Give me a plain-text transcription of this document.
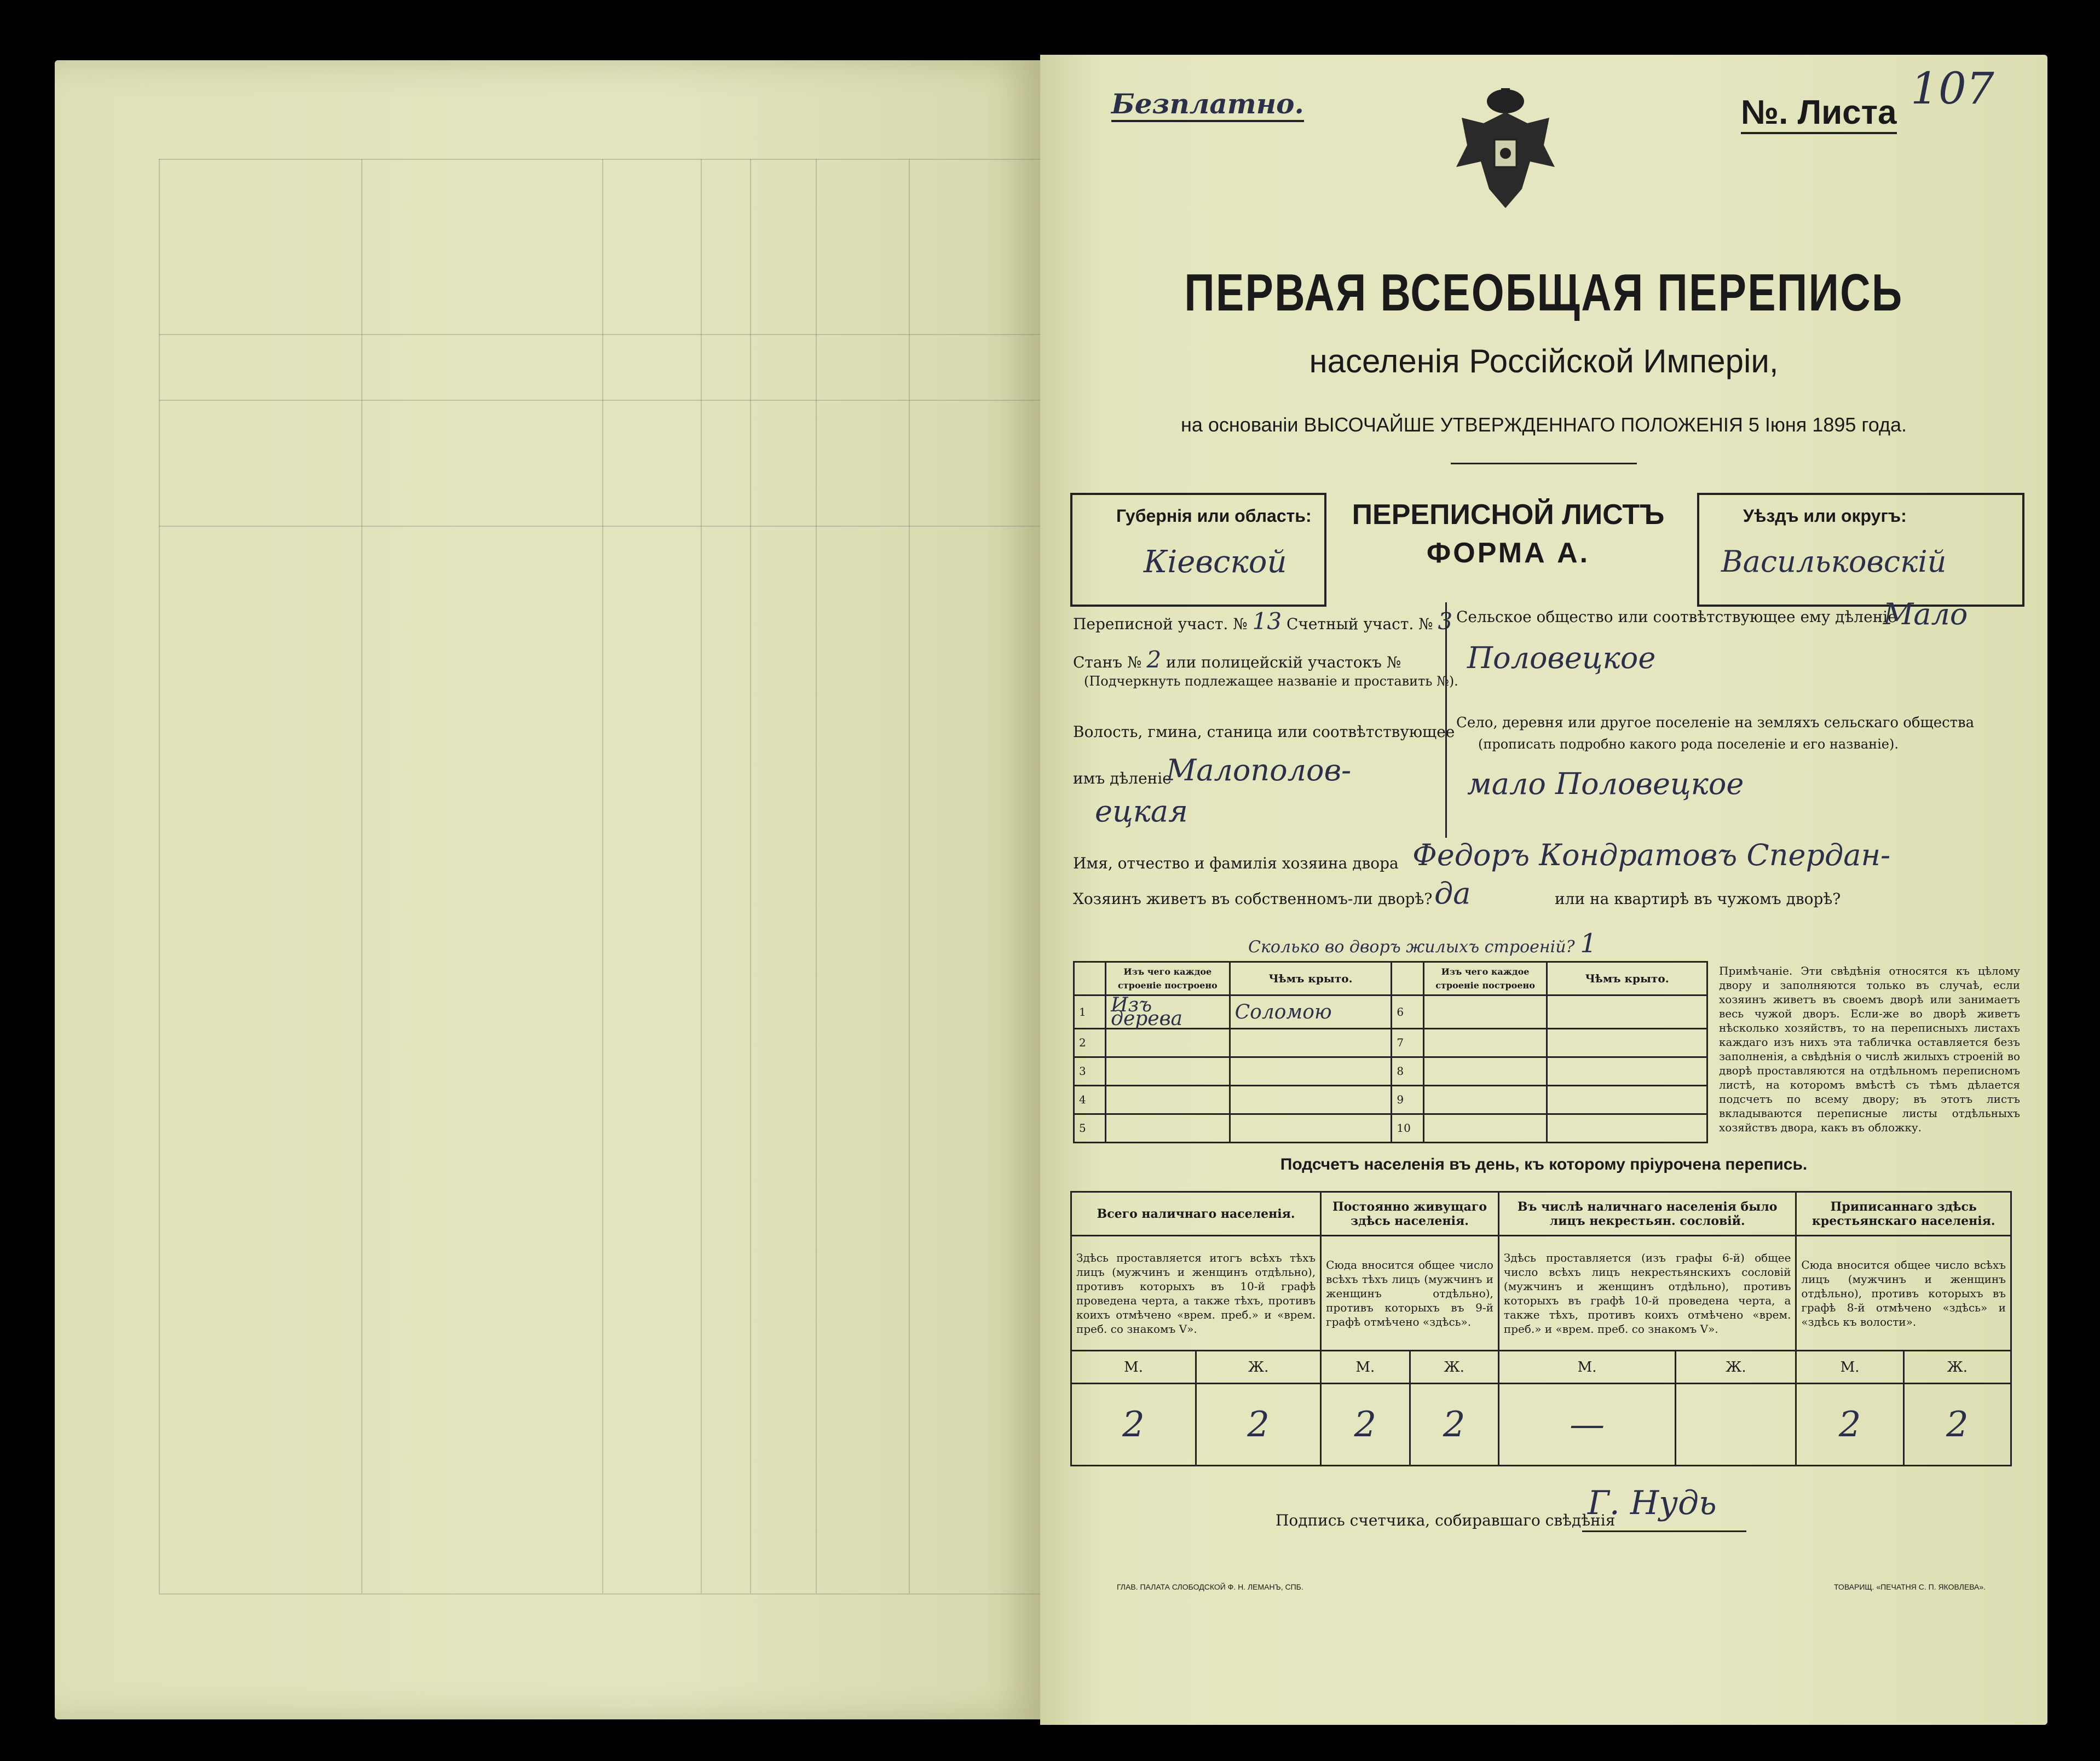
Безплатно.	№. Листа 107
ПЕРВАЯ ВСЕОБЩАЯ ПЕРЕПИСЬ
населенія Россійской Имперіи,
на основаніи ВЫСОЧАЙШЕ УТВЕРЖДЕННАГО ПОЛОЖЕНІЯ 5 Іюня 1895 года.
Губернія или область:
Кіевской
ПЕРЕПИСНОЙ ЛИСТЪ
ФОРМА А.
Уѣздъ или округъ:
Васильковскій
Переписной участ. № 13 Счетный участ. № 3
Станъ № 2 или полицейскій участокъ №
(Подчеркнуть подлежащее названіе и проставить №).
Волость, гмина, станица или соотвѣтствующее
имъ дѣленіе
Малополов-
ецкая
Сельское общество или соотвѣтствующее ему дѣленіе
Мало
Половецкое
Село, деревня или другое поселеніе на земляхъ сельскаго общества
(прописать подробно какого рода поселеніе и его названіе).
мало Половецкое
Имя, отчество и фамилія хозяина двора Федоръ Кондратовъ Спердан-
Хозяинъ живетъ въ собственномъ-ли дворѣ? да	или на квартирѣ въ чужомъ дворѣ?
Сколько во дворъ жилыхъ строеній? 1
	Изъ чего каждое строеніе построено	Чѣмъ крыто.		Изъ чего каждое строеніе построено	Чѣмъ крыто.
1	Изъ дерева	Соломою	6		
2			7		
3			8		
4			9		
5			10		
Примѣчаніе. Эти свѣдѣнія относятся къ цѣлому двору и заполняются только въ случаѣ, если хозяинъ живетъ въ своемъ дворѣ или занимаетъ весь чужой дворъ. Если-же во дворѣ живетъ нѣсколько хозяйствъ, то на переписныхъ листахъ каждаго изъ нихъ эта табличка оставляется безъ заполненія, а свѣдѣнія о числѣ жилыхъ строеній во дворѣ проставляются на отдѣльномъ переписномъ листѣ, на которомъ вмѣстѣ съ тѣмъ дѣлается подсчетъ по всему двору; въ этотъ листъ вкладываются переписные листы отдѣльныхъ хозяйствъ двора, какъ въ обложку.
Подсчетъ населенія въ день, къ которому пріурочена перепись.
Всего наличнаго населенія.		Постоянно живущаго здѣсь населенія.		Въ числѣ наличнаго населенія было лицъ некрестьян. сословій.		Приписаннаго здѣсь крестьянскаго населенія.	
Здѣсь проставляется итогъ всѣхъ тѣхъ лицъ (мужчинъ и женщинъ отдѣльно), противъ которыхъ въ 10-й графѣ проведена черта, а также тѣхъ, противъ коихъ отмѣчено «врем. преб.» и «врем. преб. со знакомъ V».		Сюда вносится общее число всѣхъ тѣхъ лицъ (мужчинъ и женщинъ отдѣльно), противъ которыхъ въ 9-й графѣ отмѣчено «здѣсь».		Здѣсь проставляется (изъ графы 6-й) общее число всѣхъ лицъ некрестьянскихъ сословій (мужчинъ и женщинъ отдѣльно), противъ которыхъ въ графѣ 10-й проведена черта, а также тѣхъ, противъ коихъ отмѣчено «врем. преб.» и «врем. преб. со знакомъ V».		Сюда вносится общее число всѣхъ лицъ (мужчинъ и женщинъ отдѣльно), противъ которыхъ въ графѣ 8-й отмѣчено «здѣсь» и «здѣсь къ волости».	
М.	Ж.	М.	Ж.	М.	Ж.	М.	Ж.
2	2	2	2	—		2	2
Подпись счетчика, собиравшаго свѣдѣнія
Г. Нудь
ГЛАВ. ПАЛАТА СЛОБОДСКОЙ Ф. Н. ЛЕМАНЪ, СПБ.	ТОВАРИЩ. «ПЕЧАТНЯ С. П. ЯКОВЛЕВА».
